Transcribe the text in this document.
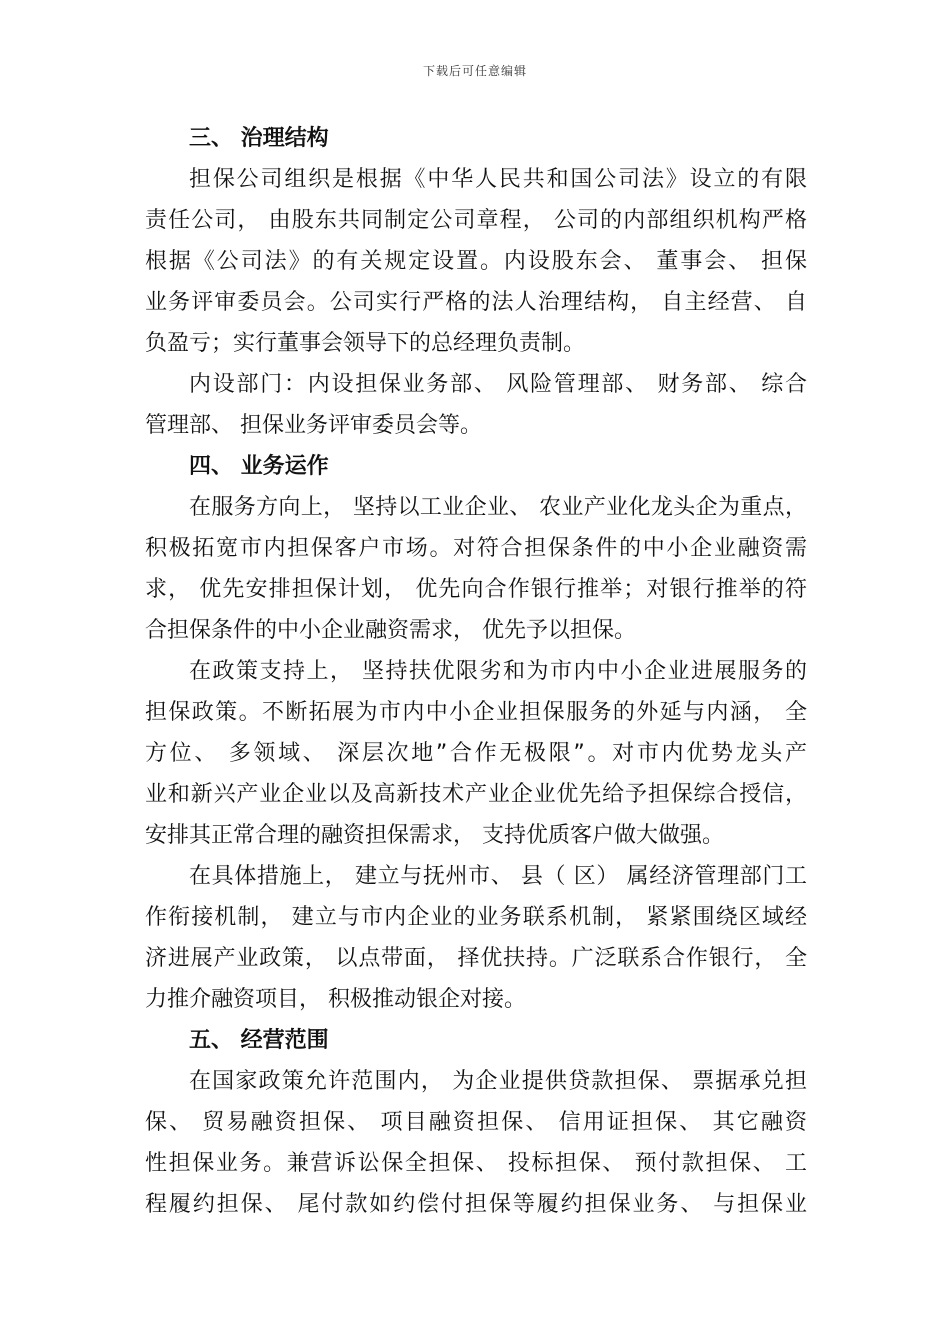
下载后可任意编辑
三、 治理结构
担保公司组织是根据《中华人民共和国公司法》设立的有限
责任公司， 由股东共同制定公司章程， 公司的内部组织机构严格
根据《公司法》的有关规定设置。内设股东会、 董事会、 担保
业务评审委员会。公司实行严格的法人治理结构， 自主经营、 自
负盈亏；实行董事会领导下的总经理负责制。
内设部门：内设担保业务部、 风险管理部、 财务部、 综合
管理部、 担保业务评审委员会等。
四、 业务运作
在服务方向上， 坚持以工业企业、 农业产业化龙头企为重点，
积极拓宽市内担保客户市场。对符合担保条件的中小企业融资需
求， 优先安排担保计划， 优先向合作银行推举；对银行推举的符
合担保条件的中小企业融资需求， 优先予以担保。
在政策支持上， 坚持扶优限劣和为市内中小企业进展服务的
担保政策。不断拓展为市内中小企业担保服务的外延与内涵， 全
方位、 多领域、 深层次地”合作无极限”。对市内优势龙头产
业和新兴产业企业以及高新技术产业企业优先给予担保综合授信，
安排其正常合理的融资担保需求， 支持优质客户做大做强。
在具体措施上， 建立与抚州市、 县（ 区） 属经济管理部门工
作衔接机制， 建立与市内企业的业务联系机制， 紧紧围绕区域经
济进展产业政策， 以点带面， 择优扶持。广泛联系合作银行， 全
力推介融资项目， 积极推动银企对接。
五、 经营范围
在国家政策允许范围内， 为企业提供贷款担保、 票据承兑担
保、 贸易融资担保、 项目融资担保、 信用证担保、 其它融资
性担保业务。兼营诉讼保全担保、 投标担保、 预付款担保、 工
程履约担保、 尾付款如约偿付担保等履约担保业务、 与担保业
